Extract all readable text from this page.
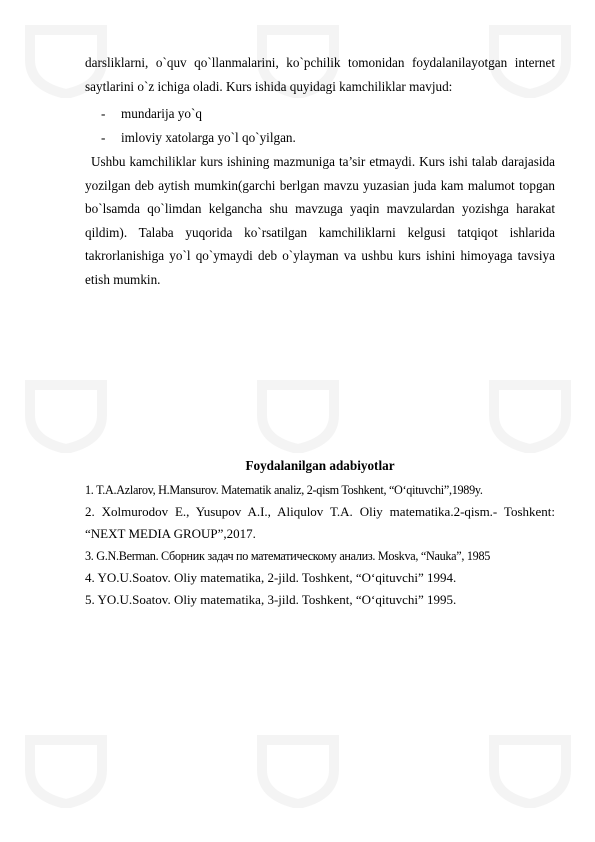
darsliklarni, o`quv qo`llanmalarini, ko`pchilik tomonidan foydalanilayotgan internet saytlarini o`z ichiga oladi. Kurs ishida quyidagi kamchiliklar mavjud:

- mundarija yo`q
- imloviy xatolarga yo`l qo`yilgan.

Ushbu kamchiliklar kurs ishining mazmuniga ta’sir etmaydi. Kurs ishi talab darajasida yozilgan deb aytish mumkin(garchi berlgan mavzu yuzasian juda kam malumot topgan bo`lsamda qo`limdan kelgancha shu mavzuga yaqin mavzulardan yozishga harakat qildim). Talaba yuqorida ko`rsatilgan kamchiliklarni kelgusi tatqiqot ishlarida takrorlanishiga yo`l qo`ymaydi deb o`ylayman va ushbu kurs ishini himoyaga tavsiya etish mumkin.

Foydalanilgan adabiyotlar
1. T.A.Azlarov, H.Mansurov. Matematik analiz, 2-qism Toshkent, “O‘qituvchi”,1989y.
2. Xolmurodov E., Yusupov A.I., Aliqulov T.A. Oliy matematika.2-qism.- Toshkent: “NEXT MEDIA GROUP”,2017.
3. G.N.Berman. Сборник задач по математическому анализ. Moskva, “Nauka”, 1985
4. YO.U.Soatov. Oliy matematika, 2-jild. Toshkent, “O‘qituvchi” 1994.
5. YO.U.Soatov. Oliy matematika, 3-jild. Toshkent, “O‘qituvchi” 1995.
